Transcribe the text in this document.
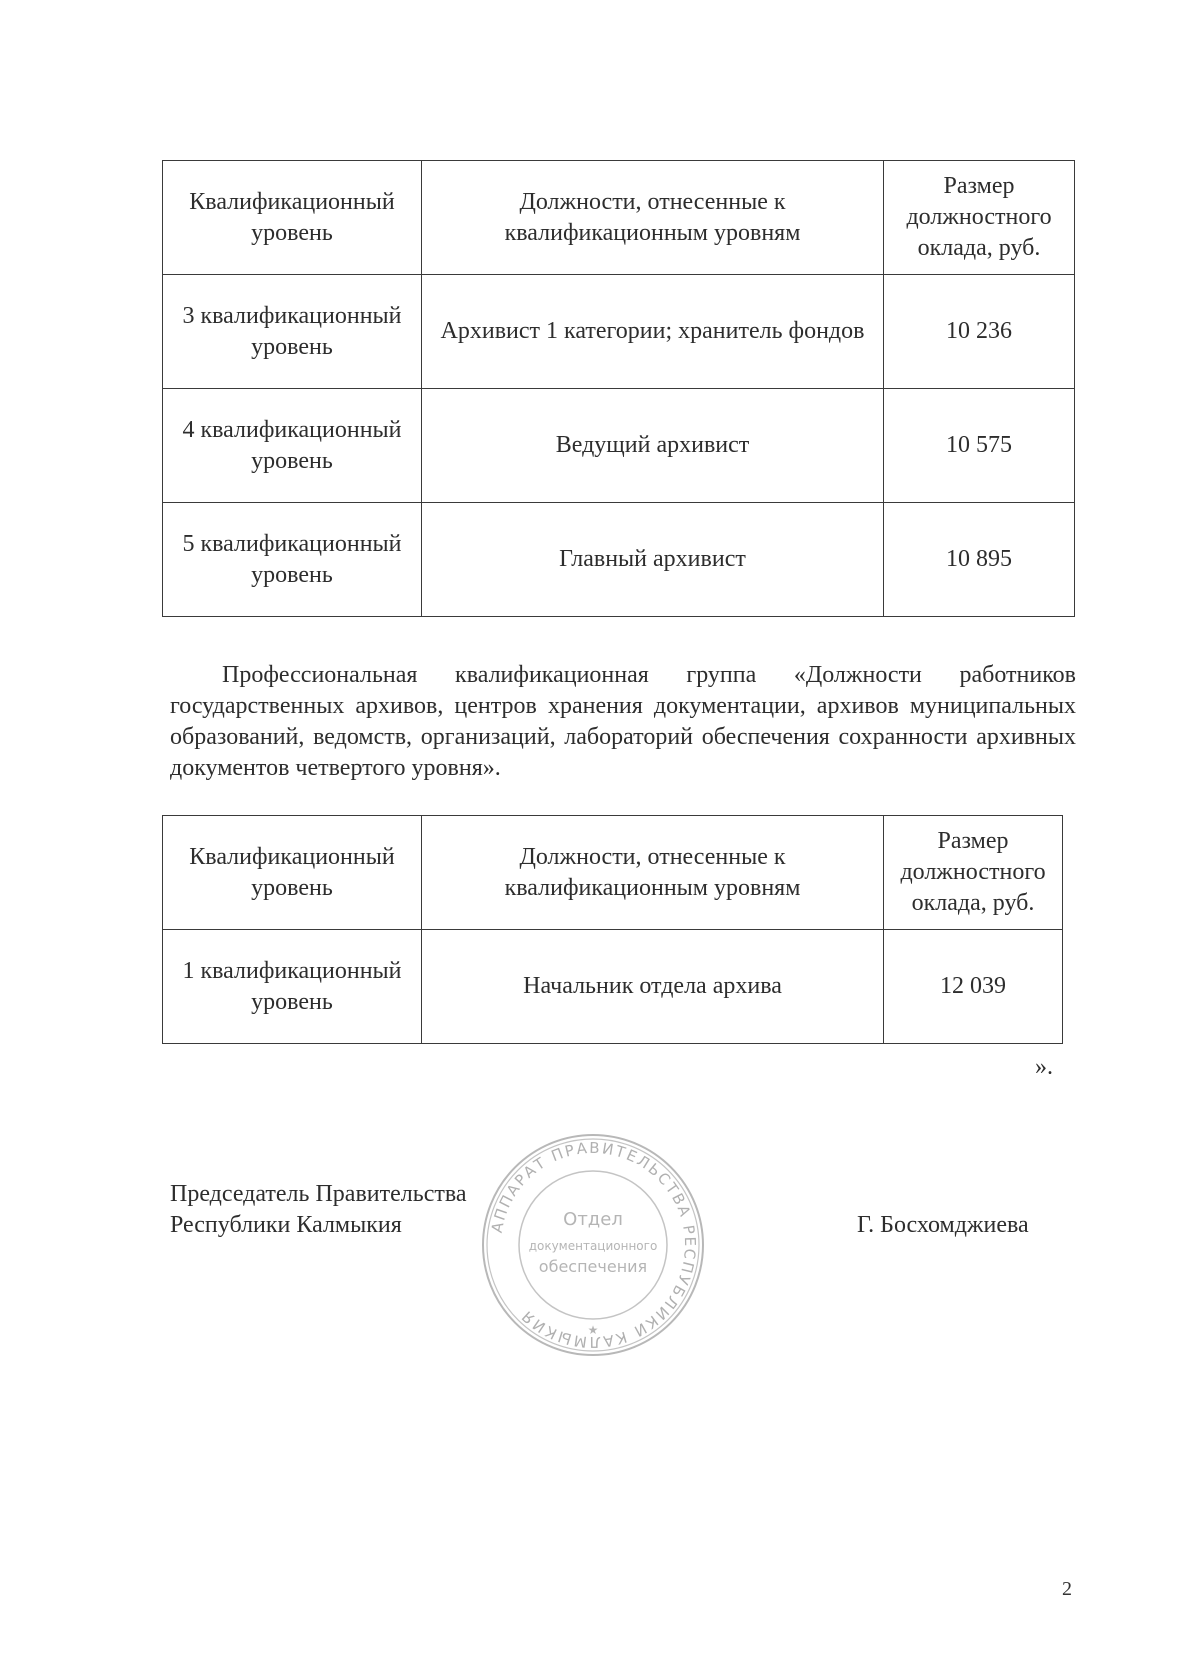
Квалификационный уровень	Должности, отнесенные к квалификационным уровням	Размер должностного оклада, руб.
3 квалификационный уровень	Архивист 1 категории; хранитель фондов	10 236
4 квалификационный уровень	Ведущий архивист	10 575
5 квалификационный уровень	Главный архивист	10 895
Профессиональная квалификационная группа «Должности работников государственных архивов, центров хранения документации, архивов муниципальных образований, ведомств, организаций, лабораторий обеспечения сохранности архивных документов четвертого уровня».
Квалификационный уровень	Должности, отнесенные к квалификационным уровням	Размер должностного оклада, руб.
1 квалификационный уровень	Начальник отдела архива	12 039
».
Председатель Правительства
Республики Калмыкия	АППАРАТ ПРАВИТЕЛЬСТВА РЕСПУБЛИКИ КАЛМЫКИЯ
Отдел
документационного
обеспечения
★
Г. Босхомджиева
2
